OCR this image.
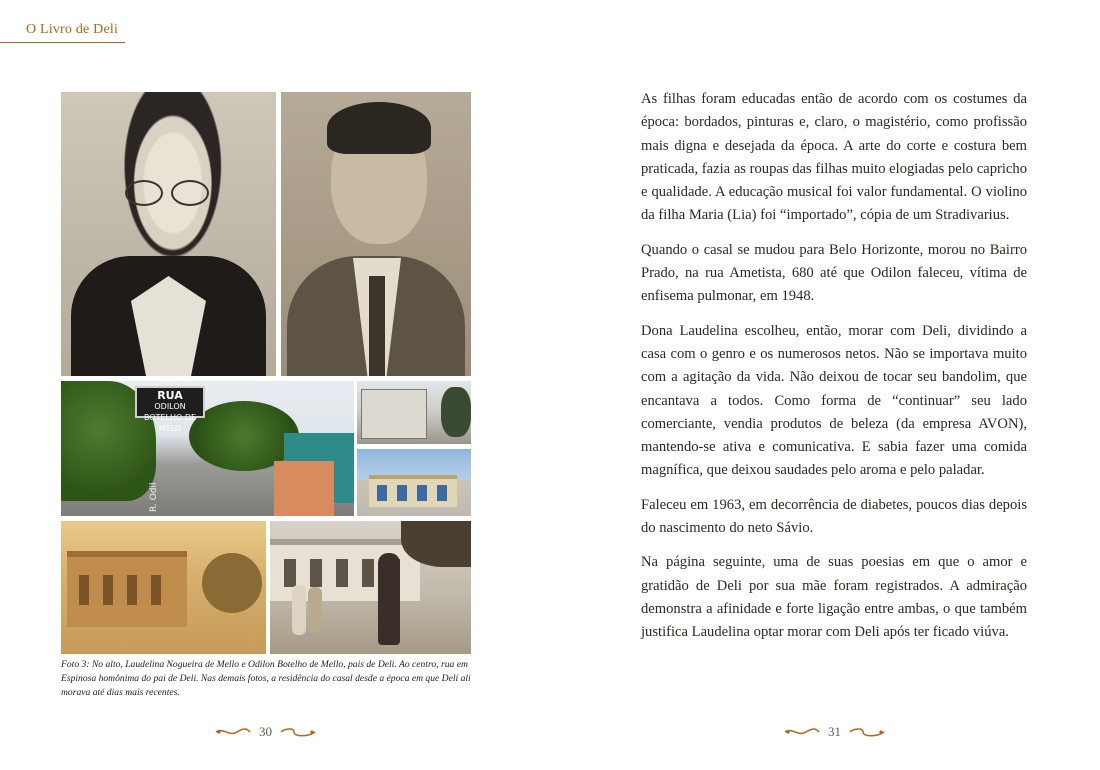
O Livro de Deli
RUA
ODILON BOTELHO DE MELO
R. Odil
Foto 3: No alto, Laudelina Nogueira de Mello e Odilon Botelho de Mello, pais de Deli. Ao centro, rua em Espinosa homônima do pai de Deli. Nas demais fotos, a residência do casal desde a época em que Deli ali morava até dias mais recentes.

As filhas foram educadas então de acordo com os costumes da época: bordados, pinturas e, claro, o magistério, como profissão mais digna e desejada da época. A arte do corte e costura bem praticada, fazia as roupas das filhas muito elogiadas pelo capricho e qualidade. A educação musical foi valor fundamental. O violino da filha Maria (Lia) foi “importado”, cópia de um Stradivarius.

Quando o casal se mudou para Belo Horizonte, morou no Bairro Prado, na rua Ametista, 680 até que Odilon faleceu, vítima de enfisema pulmonar, em 1948.

Dona Laudelina escolheu, então, morar com Deli, dividindo a casa com o genro e os numerosos netos. Não se importava muito com a agitação da vida. Não deixou de tocar seu bandolim, que encantava a todos. Como forma de “continuar” seu lado comerciante, vendia produtos de beleza (da empresa AVON), mantendo-se ativa e comunicativa. E sabia fazer uma comida magnífica, que deixou saudades pelo aroma e pelo paladar.

Faleceu em 1963, em decorrência de diabetes, poucos dias depois do nascimento do neto Sávio.

Na página seguinte, uma de suas poesias em que o amor e gratidão de Deli por sua mãe foram registrados. A admiração demonstra a afinidade e forte ligação entre ambas, o que também justifica Laudelina optar morar com Deli após ter ficado viúva.

30	31
